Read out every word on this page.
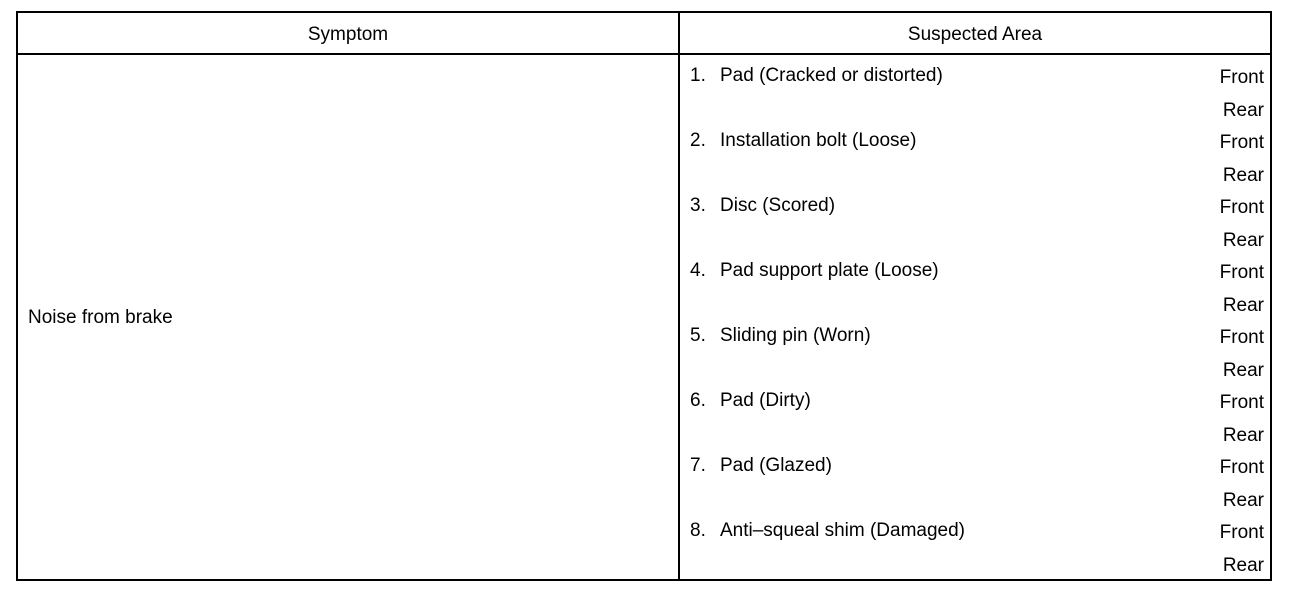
Symptom	Suspected Area
Noise from brake
1. Pad (Cracked or distorted)	Front
Rear
2. Installation bolt (Loose)	Front
Rear
3. Disc (Scored)	Front
Rear
4. Pad support plate (Loose)	Front
Rear
5. Sliding pin (Worn)	Front
Rear
6. Pad (Dirty)	Front
Rear
7. Pad (Glazed)	Front
Rear
8. Anti–squeal shim (Damaged)	Front
Rear
